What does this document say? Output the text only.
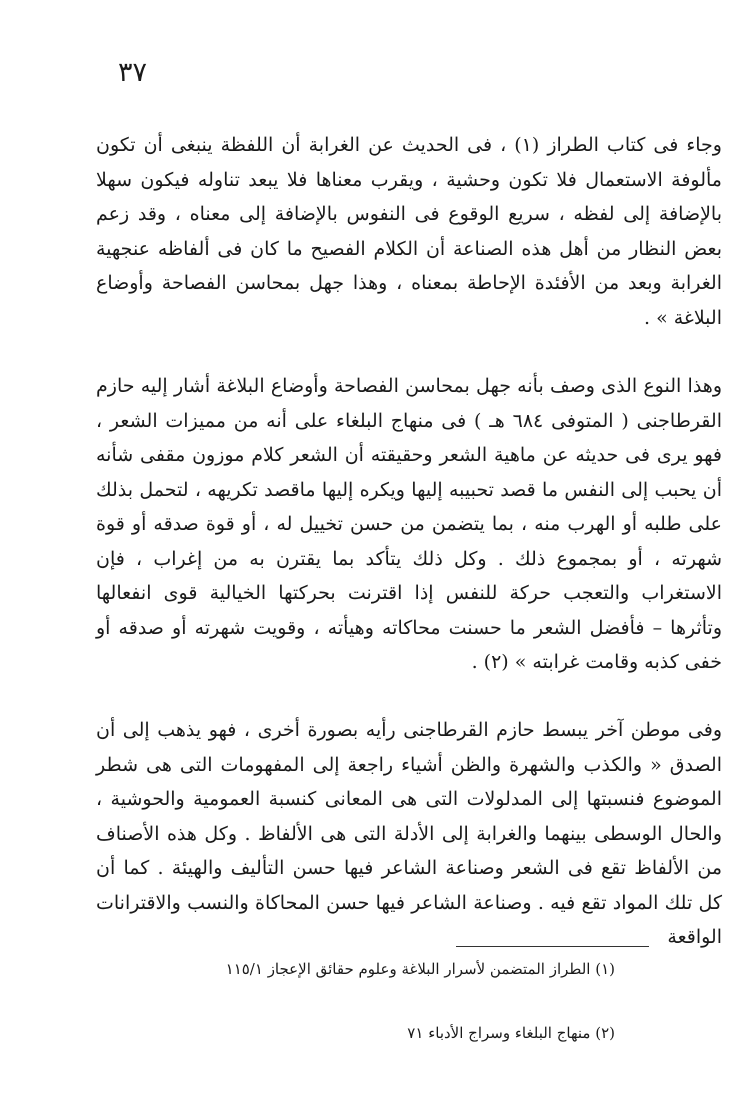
٣٧

وجاء فى كتاب الطراز (١) ، فى الحديث عن الغرابة أن اللفظة ينبغى أن تكون مألوفة الاستعمال فلا تكون وحشية ، ويقرب معناها فلا يبعد تناوله فيكون سهلا بالإضافة إلى لفظه ، سريع الوقوع فى النفوس بالإضافة إلى معناه ، وقد زعم بعض النظار من أهل هذه الصناعة أن الكلام الفصيح ما كان فى ألفاظه عنجهية الغرابة وبعد من الأفئدة الإحاطة بمعناه ، وهذا جهل بمحاسن الفصاحة وأوضاع البلاغة » .

وهذا النوع الذى وصف بأنه جهل بمحاسن الفصاحة وأوضاع البلاغة أشار إليه حازم القرطاجنى ( المتوفى ٦٨٤ هـ ) فى منهاج البلغاء على أنه من مميزات الشعر ، فهو يرى فى حديثه عن ماهية الشعر وحقيقته أن الشعر كلام موزون مقفى شأنه أن يحبب إلى النفس ما قصد تحبيبه إليها ويكره إليها ماقصد تكريهه ، لتحمل بذلك على طلبه أو الهرب منه ، بما يتضمن من حسن تخييل له ، أو قوة صدقه أو قوة شهرته ، أو بمجموع ذلك . وكل ذلك يتأكد بما يقترن به من إغراب ، فإن الاستغراب والتعجب حركة للنفس إذا اقترنت بحركتها الخيالية قوى انفعالها وتأثرها – فأفضل الشعر ما حسنت محاكاته وهيأته ، وقويت شهرته أو صدقه أو خفى كذبه وقامت غرابته » (٢) .

وفى موطن آخر يبسط حازم القرطاجنى رأيه بصورة أخرى ، فهو يذهب إلى أن الصدق « والكذب والشهرة والظن أشياء راجعة إلى المفهومات التى هى شطر الموضوع فنسبتها إلى المدلولات التى هى المعانى كنسبة العمومية والحوشية ، والحال الوسطى بينهما والغرابة إلى الأدلة التى هى الألفاظ . وكل هذه الأصناف من الألفاظ تقع فى الشعر وصناعة الشاعر فيها حسن التأليف والهيئة . كما أن كل تلك المواد تقع فيه . وصناعة الشاعر فيها حسن المحاكاة والنسب والاقترانات الواقعة

(١) الطراز المتضمن لأسرار البلاغة وعلوم حقائق الإعجاز ١١٥/١

(٢) منهاج البلغاء وسراج الأدباء ٧١
